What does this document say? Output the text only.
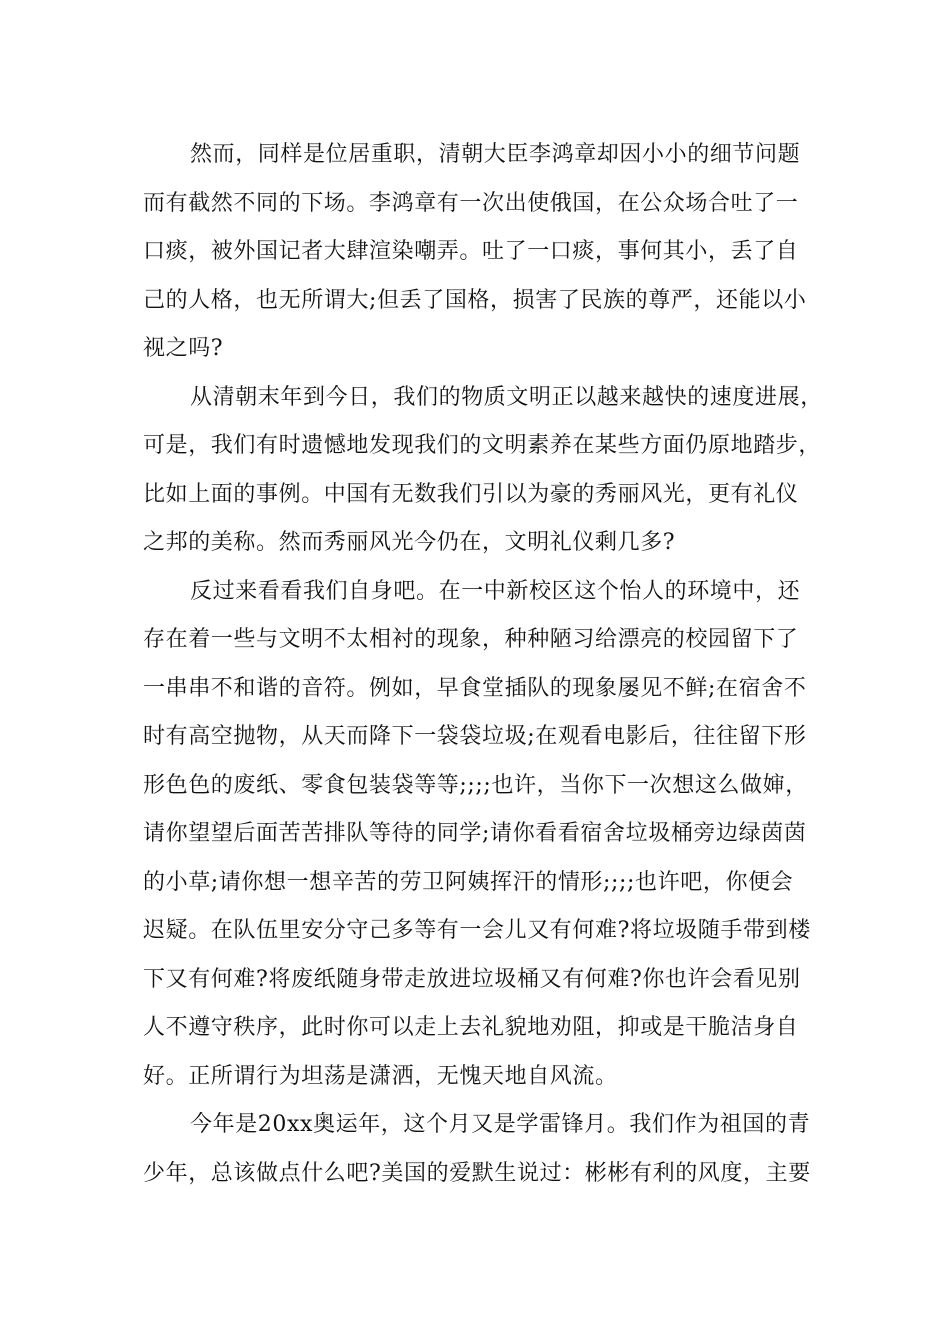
然而，同样是位居重职，清朝大臣李鸿章却因小小的细节问题
而有截然不同的下场。李鸿章有一次出使俄国，在公众场合吐了一
口痰，被外国记者大肆渲染嘲弄。吐了一口痰，事何其小，丢了自
己的人格，也无所谓大;但丢了国格，损害了民族的尊严，还能以小
视之吗?
从清朝末年到今日，我们的物质文明正以越来越快的速度进展，
可是，我们有时遗憾地发现我们的文明素养在某些方面仍原地踏步，
比如上面的事例。中国有无数我们引以为豪的秀丽风光，更有礼仪
之邦的美称。然而秀丽风光今仍在，文明礼仪剩几多?
反过来看看我们自身吧。在一中新校区这个怡人的环境中，还
存在着一些与文明不太相衬的现象，种种陋习给漂亮的校园留下了
一串串不和谐的音符。例如，早食堂插队的现象屡见不鲜;在宿舍不
时有高空抛物，从天而降下一袋袋垃圾;在观看电影后，往往留下形
形色色的废纸、零食包装袋等等;;;;也许，当你下一次想这么做婶，
请你望望后面苦苦排队等待的同学;请你看看宿舍垃圾桶旁边绿茵茵
的小草;请你想一想辛苦的劳卫阿姨挥汗的情形;;;;也许吧，你便会
迟疑。在队伍里安分守己多等有一会儿又有何难?将垃圾随手带到楼
下又有何难?将废纸随身带走放进垃圾桶又有何难?你也许会看见别
人不遵守秩序，此时你可以走上去礼貌地劝阻，抑或是干脆洁身自
好。正所谓行为坦荡是潇洒，无愧天地自风流。
今年是20xx奥运年，这个月又是学雷锋月。我们作为祖国的青
少年，总该做点什么吧?美国的爱默生说过：彬彬有利的风度，主要
